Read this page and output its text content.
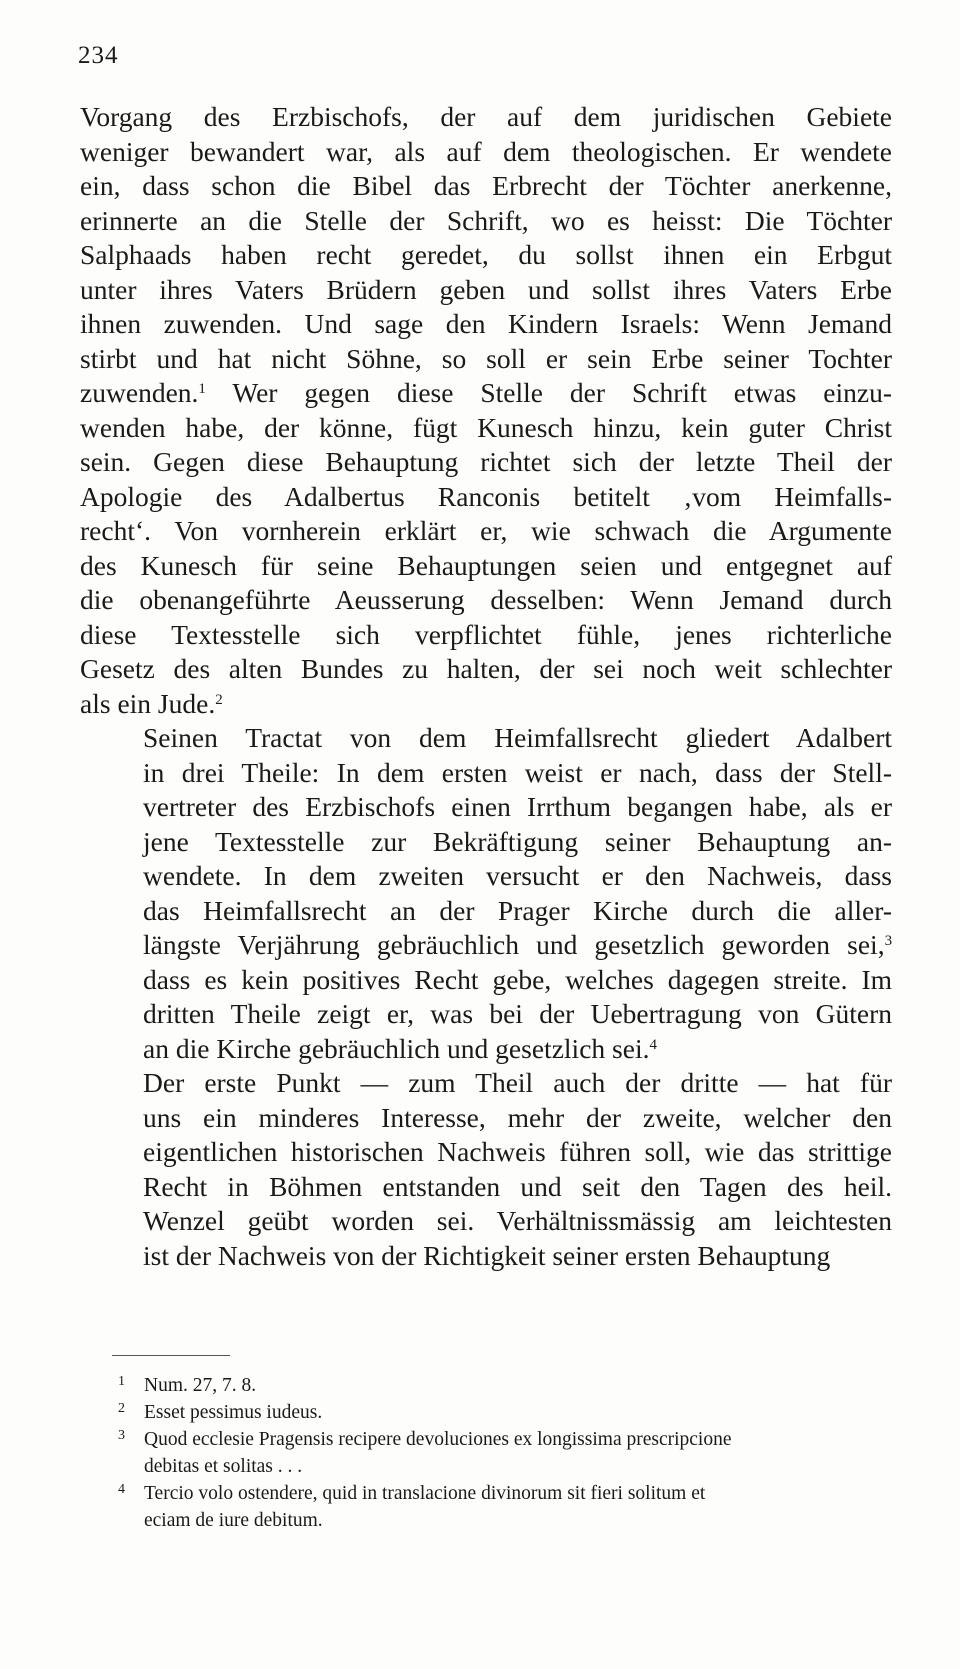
234

Vorgang des Erzbischofs, der auf dem juridischen Gebiete
weniger bewandert war, als auf dem theologischen. Er wendete
ein, dass schon die Bibel das Erbrecht der Töchter anerkenne,
erinnerte an die Stelle der Schrift, wo es heisst: Die Töchter
Salphaads haben recht geredet, du sollst ihnen ein Erbgut
unter ihres Vaters Brüdern geben und sollst ihres Vaters Erbe
ihnen zuwenden. Und sage den Kindern Israels: Wenn Jemand
stirbt und hat nicht Söhne, so soll er sein Erbe seiner Tochter
zuwenden.$^1$ Wer gegen diese Stelle der Schrift etwas einzu-
wenden habe, der könne, fügt Kunesch hinzu, kein guter Christ
sein. Gegen diese Behauptung richtet sich der letzte Theil der
Apologie des Adalbertus Ranconis betitelt ‚vom Heimfalls-
recht‘. Von vornherein erklärt er, wie schwach die Argumente
des Kunesch für seine Behauptungen seien und entgegnet auf
die obenangeführte Aeusserung desselben: Wenn Jemand durch
diese Textesstelle sich verpflichtet fühle, jenes richterliche
Gesetz des alten Bundes zu halten, der sei noch weit schlechter
als ein Jude.$^2$

Seinen Tractat von dem Heimfallsrecht gliedert Adalbert
in drei Theile: In dem ersten weist er nach, dass der Stell-
vertreter des Erzbischofs einen Irrthum begangen habe, als er
jene Textesstelle zur Bekräftigung seiner Behauptung an-
wendete. In dem zweiten versucht er den Nachweis, dass
das Heimfallsrecht an der Prager Kirche durch die aller-
längste Verjährung gebräuchlich und gesetzlich geworden sei,$^3$
dass es kein positives Recht gebe, welches dagegen streite. Im
dritten Theile zeigt er, was bei der Uebertragung von Gütern
an die Kirche gebräuchlich und gesetzlich sei.$^4$

Der erste Punkt — zum Theil auch der dritte — hat für
uns ein minderes Interesse, mehr der zweite, welcher den
eigentlichen historischen Nachweis führen soll, wie das strittige
Recht in Böhmen entstanden und seit den Tagen des heil.
Wenzel geübt worden sei. Verhältnissmässig am leichtesten
ist der Nachweis von der Richtigkeit seiner ersten Behauptung

1 Num. 27, 7. 8.
2 Esset pessimus iudeus.
3 Quod ecclesie Pragensis recipere devoluciones ex longissima prescripcione
debitas et solitas . . .
4 Tercio volo ostendere, quid in translacione divinorum sit fieri solitum et
eciam de iure debitum.
